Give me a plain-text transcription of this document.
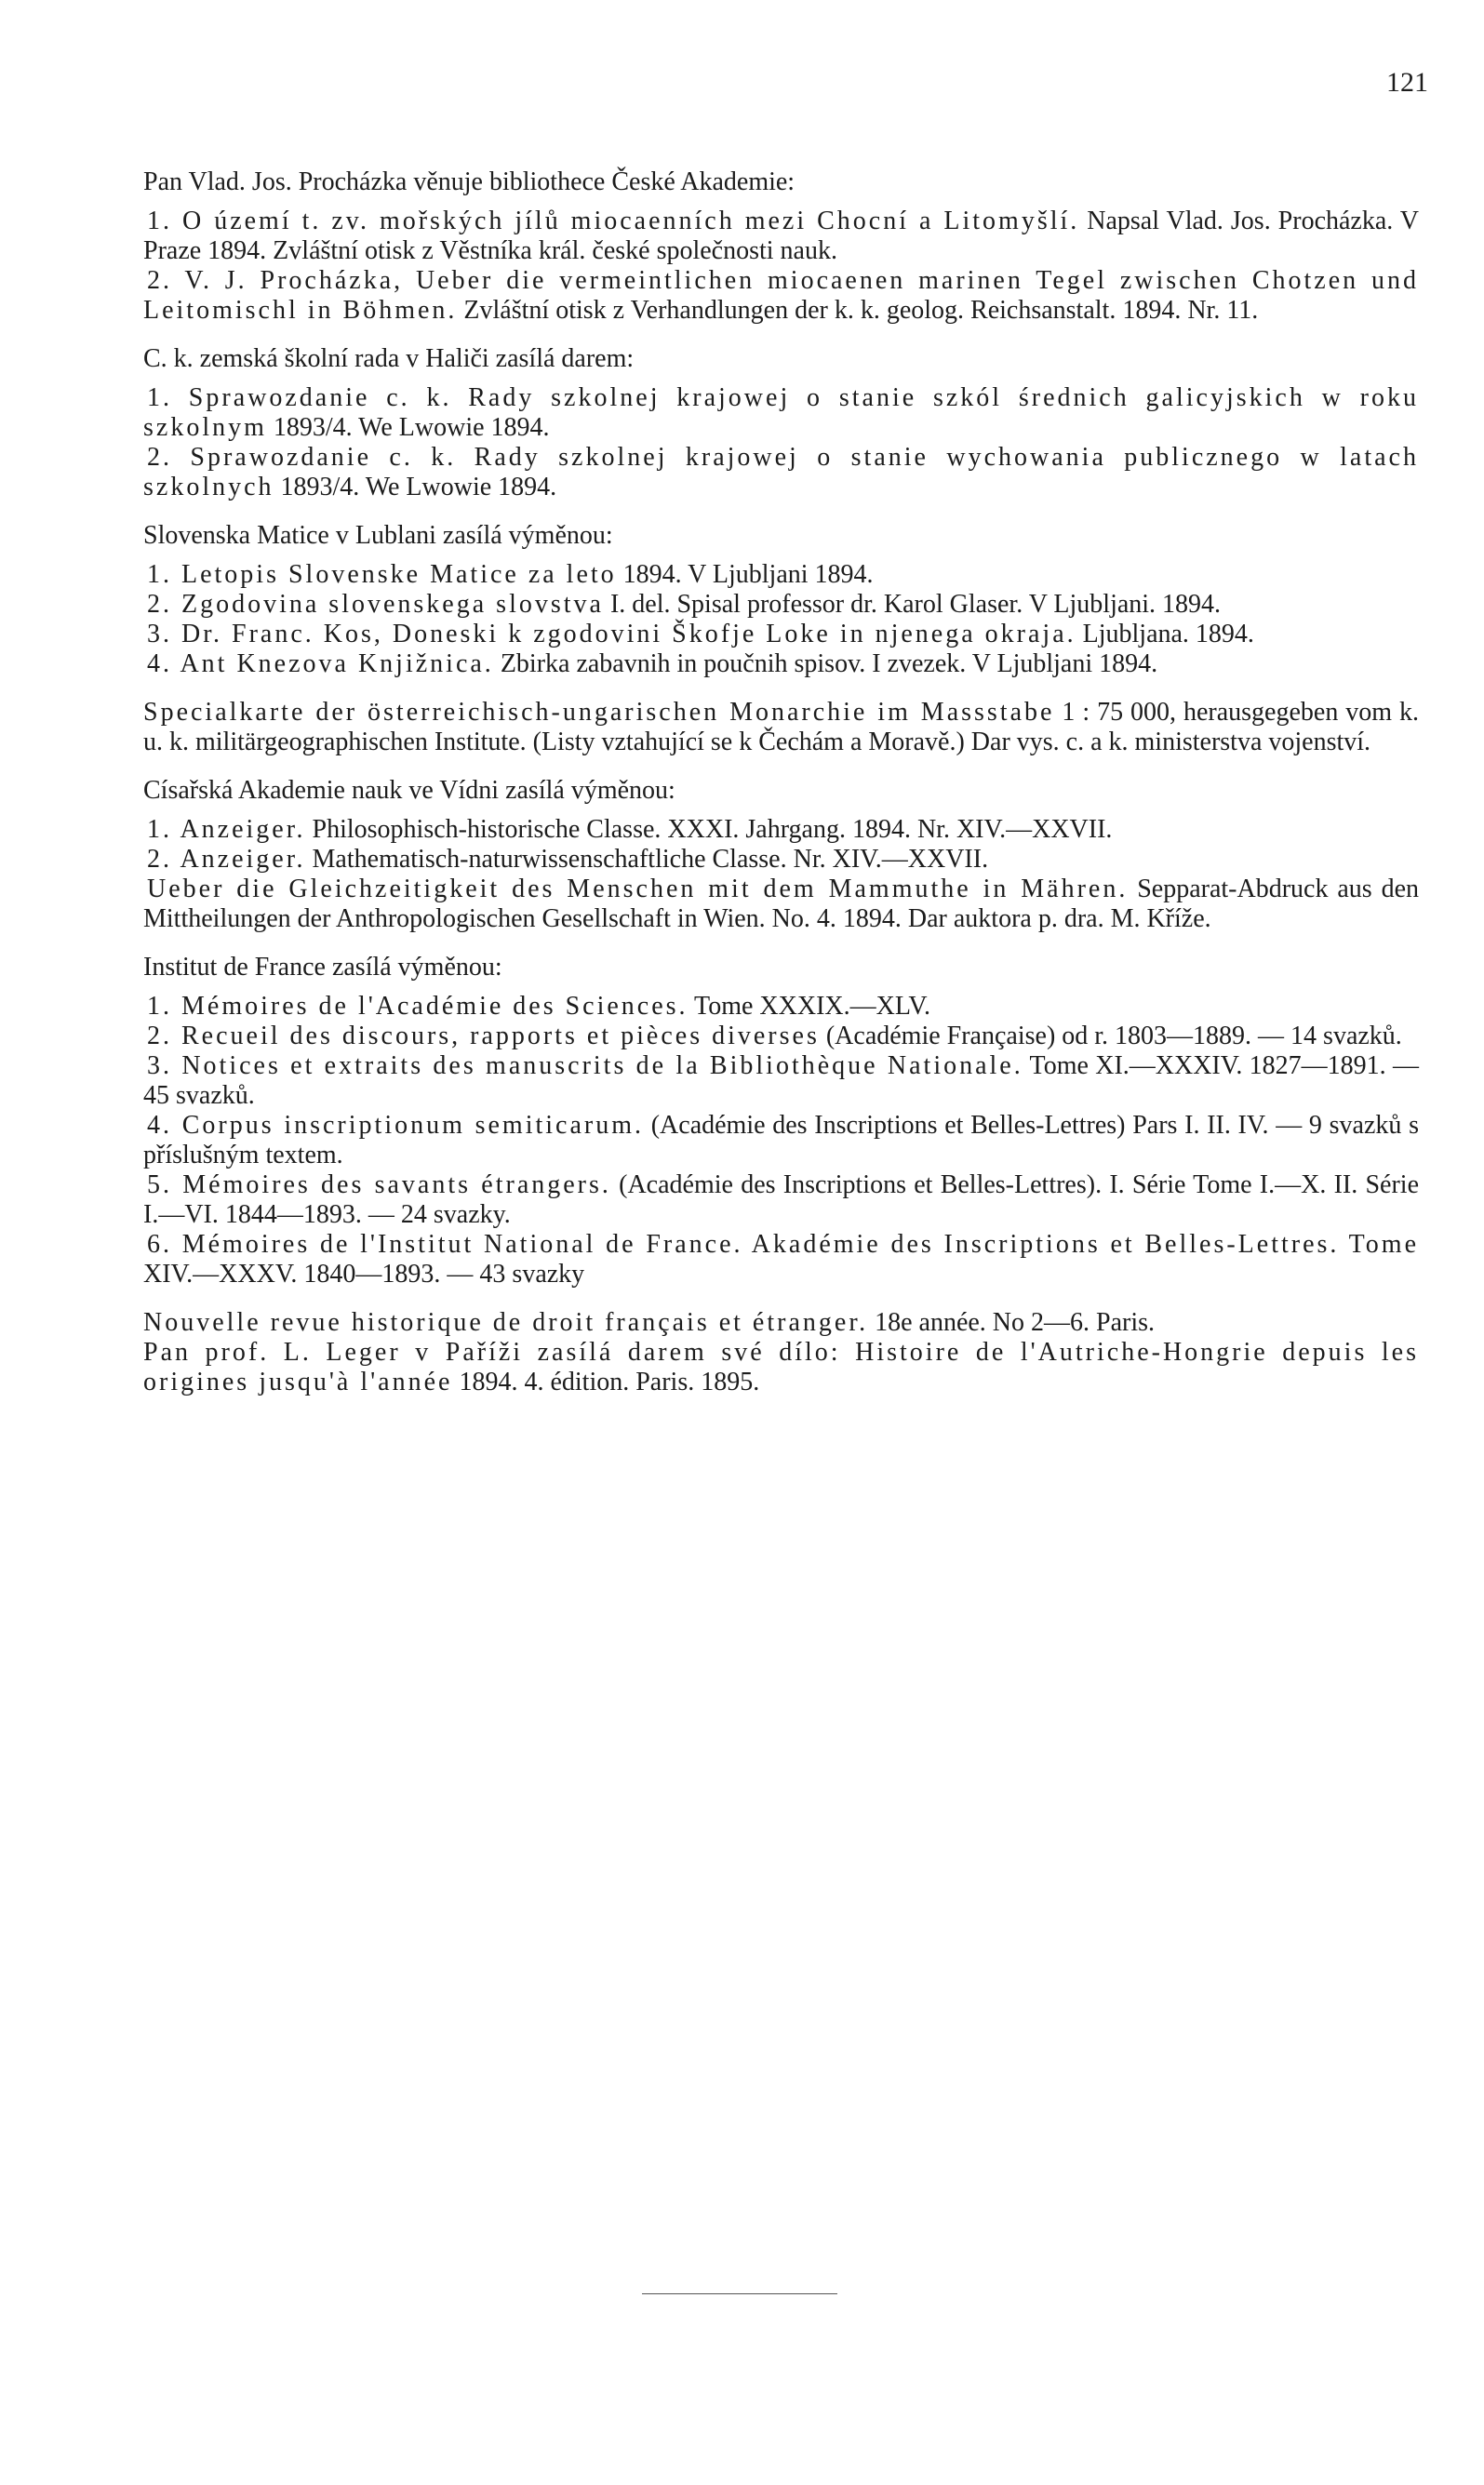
121
Pan Vlad. Jos. Procházka věnuje bibliothece České Akademie:
1. O území t. zv. mořských jílů miocaenních mezi Chocní a Litomyšlí. Napsal Vlad. Jos. Procházka. V Praze 1894. Zvláštní otisk z Věstníka král. české společnosti nauk.
2. V. J. Procházka, Ueber die vermeintlichen miocaenen marinen Tegel zwischen Chotzen und Leitomischl in Böhmen. Zvláštní otisk z Verhandlungen der k. k. geolog. Reichsanstalt. 1894. Nr. 11.
C. k. zemská školní rada v Haliči zasílá darem:
1. Sprawozdanie c. k. Rady szkolnej krajowej o stanie szkól średnich galicyjskich w roku szkolnym 1893/4. We Lwowie 1894.
2. Sprawozdanie c. k. Rady szkolnej krajowej o stanie wychowania publicznego w latach szkolnych 1893/4. We Lwowie 1894.
Slovenska Matice v Lublani zasílá výměnou:
1. Letopis Slovenske Matice za leto 1894. V Ljubljani 1894.
2. Zgodovina slovenskega slovstva I. del. Spisal professor dr. Karol Glaser. V Ljubljani. 1894.
3. Dr. Franc. Kos, Doneski k zgodovini Škofje Loke in njenega okraja. Ljubljana. 1894.
4. Ant Knezova Knjižnica. Zbirka zabavnih in poučnih spisov. I zvezek. V Ljubljani 1894.
Specialkarte der österreichisch-ungarischen Monarchie im Massstabe 1 : 75 000, herausgegeben vom k. u. k. militärgeographischen Institute. (Listy vztahující se k Čechám a Moravě.) Dar vys. c. a k. ministerstva vojenství.
Císařská Akademie nauk ve Vídni zasílá výměnou:
1. Anzeiger. Philosophisch-historische Classe. XXXI. Jahrgang. 1894. Nr. XIV.—XXVII.
2. Anzeiger. Mathematisch-naturwissenschaftliche Classe. Nr. XIV.—XXVII.
Ueber die Gleichzeitigkeit des Menschen mit dem Mammuthe in Mähren. Sepparat-Abdruck aus den Mittheilungen der Anthropologischen Gesellschaft in Wien. No. 4. 1894. Dar auktora p. dra. M. Kříže.
Institut de France zasílá výměnou:
1. Mémoires de l'Académie des Sciences. Tome XXXIX.—XLV.
2. Recueil des discours, rapports et pièces diverses (Académie Française) od r. 1803—1889. — 14 svazků.
3. Notices et extraits des manuscrits de la Bibliothèque Nationale. Tome XI.—XXXIV. 1827—1891. — 45 svazků.
4. Corpus inscriptionum semiticarum. (Académie des Inscriptions et Belles-Lettres) Pars I. II. IV. — 9 svazků s příslušným textem.
5. Mémoires des savants étrangers. (Académie des Inscriptions et Belles-Lettres). I. Série Tome I.—X. II. Série I.—VI. 1844—1893. — 24 svazky.
6. Mémoires de l'Institut National de France. Akadémie des Inscriptions et Belles-Lettres. Tome XIV.—XXXV. 1840—1893. — 43 svazky
Nouvelle revue historique de droit français et étranger. 18e année. No 2—6. Paris.
Pan prof. L. Leger v Paříži zasílá darem své dílo: Histoire de l'Autriche-Hongrie depuis les origines jusqu'à l'année 1894. 4. édition. Paris. 1895.
